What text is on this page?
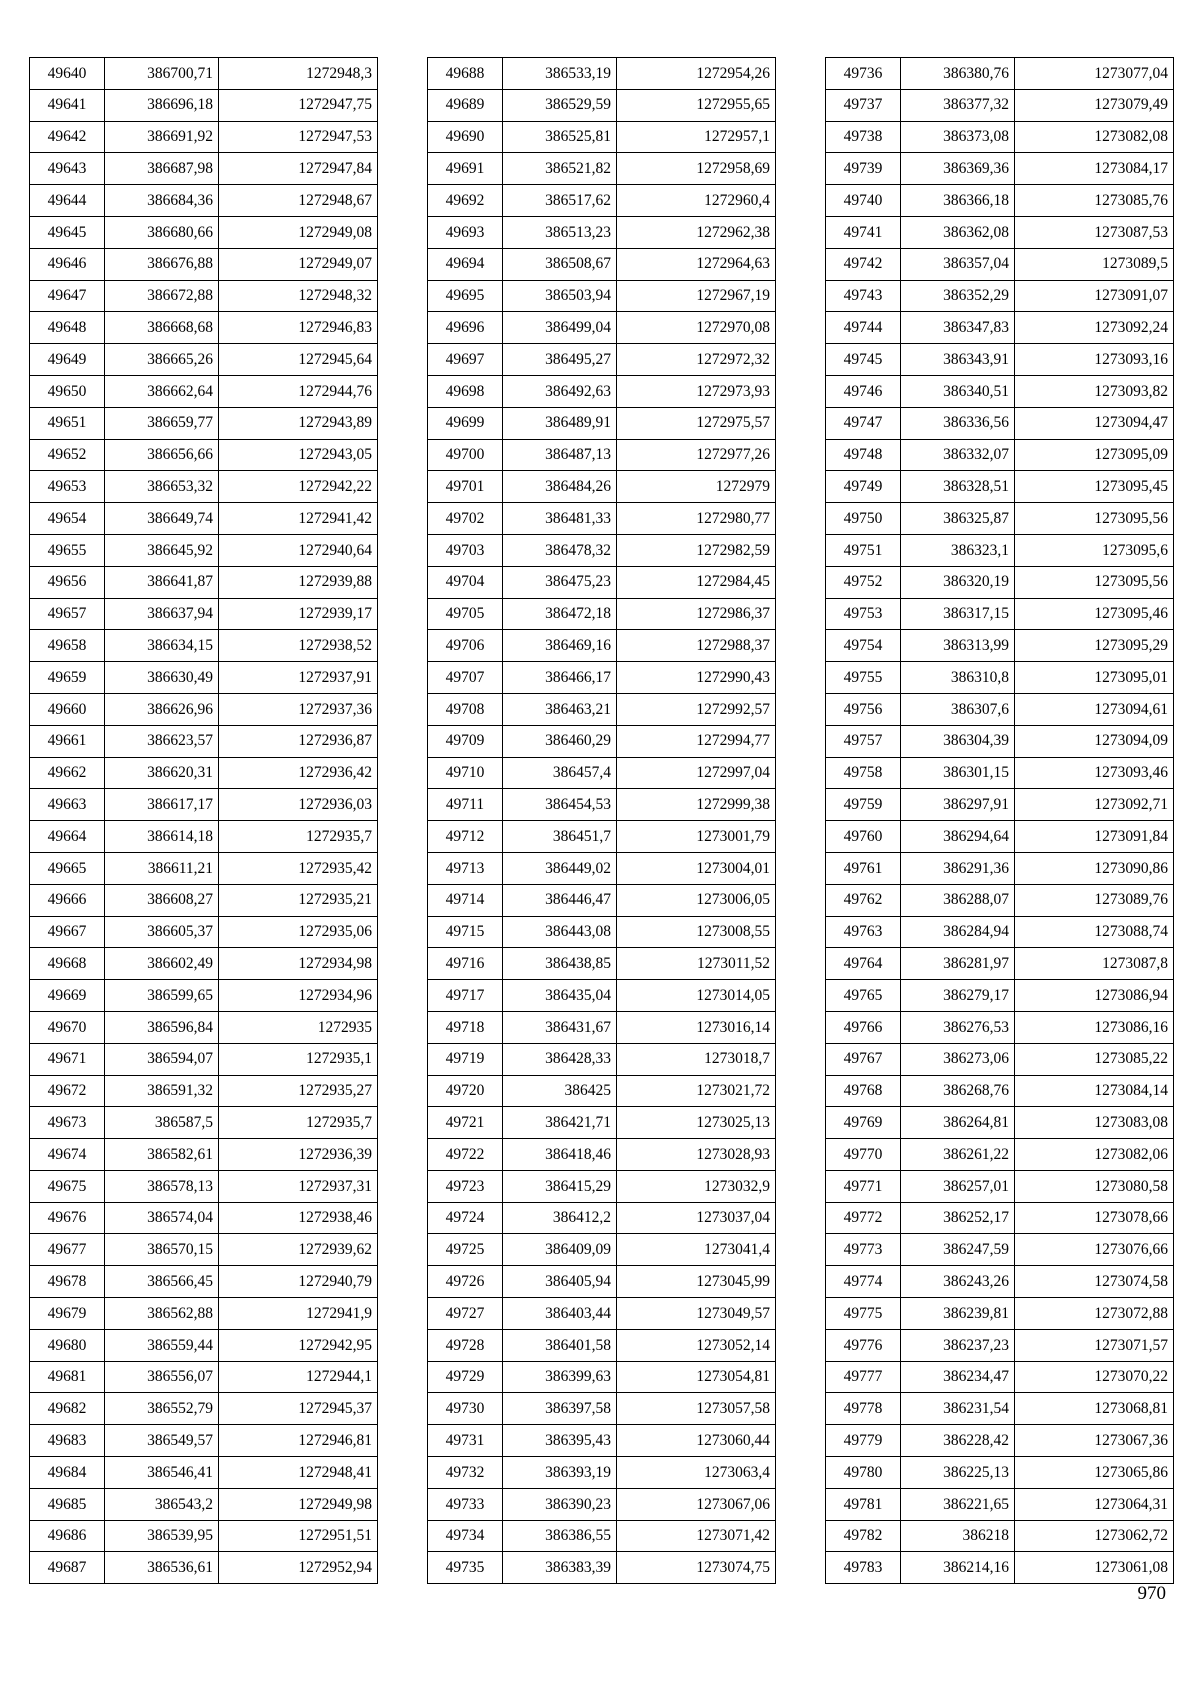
49640	386700,71	1272948,3
49641	386696,18	1272947,75
49642	386691,92	1272947,53
49643	386687,98	1272947,84
49644	386684,36	1272948,67
49645	386680,66	1272949,08
49646	386676,88	1272949,07
49647	386672,88	1272948,32
49648	386668,68	1272946,83
49649	386665,26	1272945,64
49650	386662,64	1272944,76
49651	386659,77	1272943,89
49652	386656,66	1272943,05
49653	386653,32	1272942,22
49654	386649,74	1272941,42
49655	386645,92	1272940,64
49656	386641,87	1272939,88
49657	386637,94	1272939,17
49658	386634,15	1272938,52
49659	386630,49	1272937,91
49660	386626,96	1272937,36
49661	386623,57	1272936,87
49662	386620,31	1272936,42
49663	386617,17	1272936,03
49664	386614,18	1272935,7
49665	386611,21	1272935,42
49666	386608,27	1272935,21
49667	386605,37	1272935,06
49668	386602,49	1272934,98
49669	386599,65	1272934,96
49670	386596,84	1272935
49671	386594,07	1272935,1
49672	386591,32	1272935,27
49673	386587,5	1272935,7
49674	386582,61	1272936,39
49675	386578,13	1272937,31
49676	386574,04	1272938,46
49677	386570,15	1272939,62
49678	386566,45	1272940,79
49679	386562,88	1272941,9
49680	386559,44	1272942,95
49681	386556,07	1272944,1
49682	386552,79	1272945,37
49683	386549,57	1272946,81
49684	386546,41	1272948,41
49685	386543,2	1272949,98
49686	386539,95	1272951,51
49687	386536,61	1272952,94
49688	386533,19	1272954,26
49689	386529,59	1272955,65
49690	386525,81	1272957,1
49691	386521,82	1272958,69
49692	386517,62	1272960,4
49693	386513,23	1272962,38
49694	386508,67	1272964,63
49695	386503,94	1272967,19
49696	386499,04	1272970,08
49697	386495,27	1272972,32
49698	386492,63	1272973,93
49699	386489,91	1272975,57
49700	386487,13	1272977,26
49701	386484,26	1272979
49702	386481,33	1272980,77
49703	386478,32	1272982,59
49704	386475,23	1272984,45
49705	386472,18	1272986,37
49706	386469,16	1272988,37
49707	386466,17	1272990,43
49708	386463,21	1272992,57
49709	386460,29	1272994,77
49710	386457,4	1272997,04
49711	386454,53	1272999,38
49712	386451,7	1273001,79
49713	386449,02	1273004,01
49714	386446,47	1273006,05
49715	386443,08	1273008,55
49716	386438,85	1273011,52
49717	386435,04	1273014,05
49718	386431,67	1273016,14
49719	386428,33	1273018,7
49720	386425	1273021,72
49721	386421,71	1273025,13
49722	386418,46	1273028,93
49723	386415,29	1273032,9
49724	386412,2	1273037,04
49725	386409,09	1273041,4
49726	386405,94	1273045,99
49727	386403,44	1273049,57
49728	386401,58	1273052,14
49729	386399,63	1273054,81
49730	386397,58	1273057,58
49731	386395,43	1273060,44
49732	386393,19	1273063,4
49733	386390,23	1273067,06
49734	386386,55	1273071,42
49735	386383,39	1273074,75
49736	386380,76	1273077,04
49737	386377,32	1273079,49
49738	386373,08	1273082,08
49739	386369,36	1273084,17
49740	386366,18	1273085,76
49741	386362,08	1273087,53
49742	386357,04	1273089,5
49743	386352,29	1273091,07
49744	386347,83	1273092,24
49745	386343,91	1273093,16
49746	386340,51	1273093,82
49747	386336,56	1273094,47
49748	386332,07	1273095,09
49749	386328,51	1273095,45
49750	386325,87	1273095,56
49751	386323,1	1273095,6
49752	386320,19	1273095,56
49753	386317,15	1273095,46
49754	386313,99	1273095,29
49755	386310,8	1273095,01
49756	386307,6	1273094,61
49757	386304,39	1273094,09
49758	386301,15	1273093,46
49759	386297,91	1273092,71
49760	386294,64	1273091,84
49761	386291,36	1273090,86
49762	386288,07	1273089,76
49763	386284,94	1273088,74
49764	386281,97	1273087,8
49765	386279,17	1273086,94
49766	386276,53	1273086,16
49767	386273,06	1273085,22
49768	386268,76	1273084,14
49769	386264,81	1273083,08
49770	386261,22	1273082,06
49771	386257,01	1273080,58
49772	386252,17	1273078,66
49773	386247,59	1273076,66
49774	386243,26	1273074,58
49775	386239,81	1273072,88
49776	386237,23	1273071,57
49777	386234,47	1273070,22
49778	386231,54	1273068,81
49779	386228,42	1273067,36
49780	386225,13	1273065,86
49781	386221,65	1273064,31
49782	386218	1273062,72
49783	386214,16	1273061,08
970
